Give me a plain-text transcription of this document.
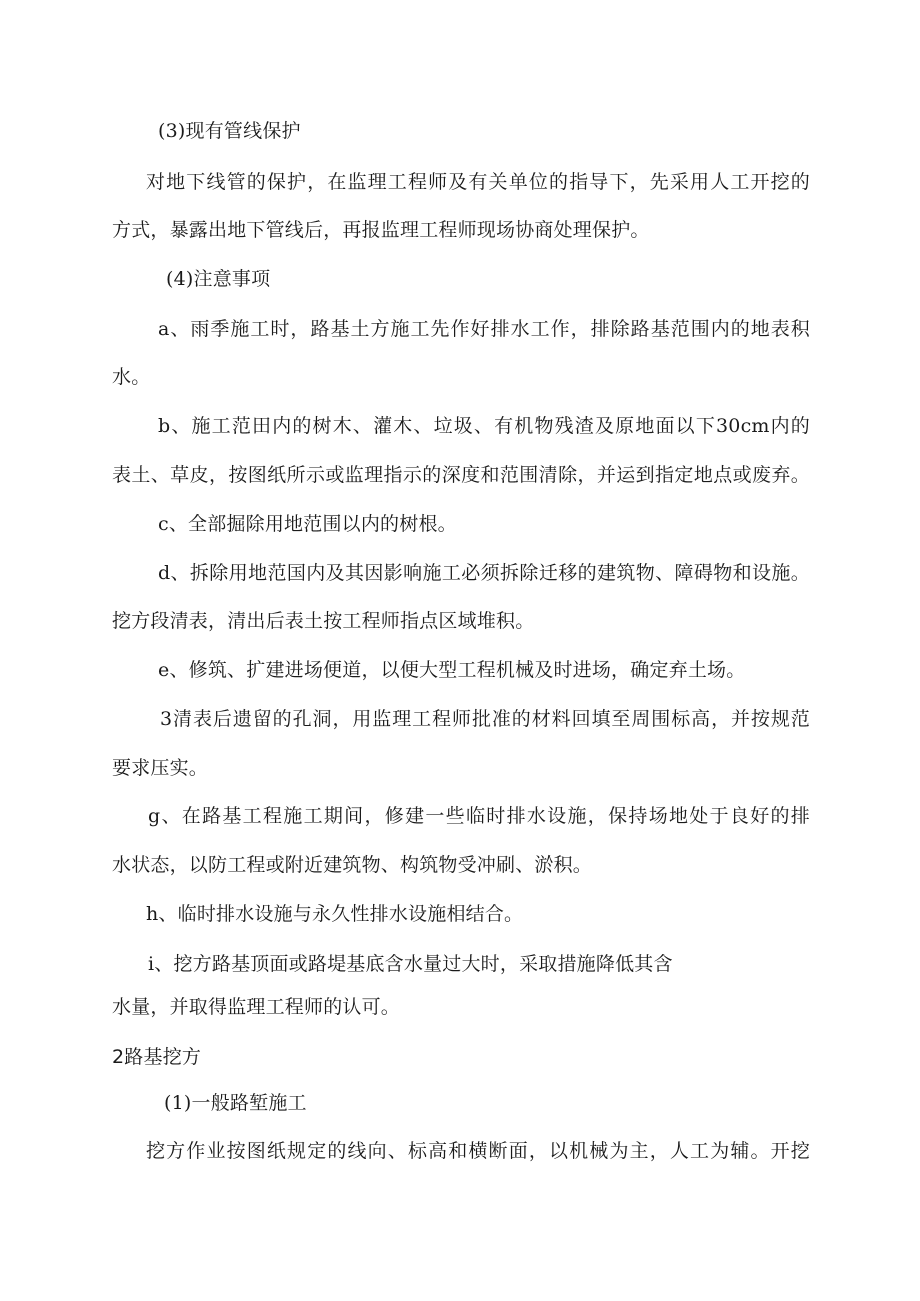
(3)现有管线保护
对地下线管的保护，在监理工程师及有关单位的指导下，先采用人工开挖的
方式，暴露出地下管线后，再报监理工程师现场协商处理保护。
(4)注意事项
a、雨季施工时，路基土方施工先作好排水工作，排除路基范围内的地表积
水。
b、施工范田内的树木、灌木、垃圾、有机物残渣及原地面以下30cm内的
表土、草皮，按图纸所示或监理指示的深度和范围清除，并运到指定地点或废弃。
c、全部掘除用地范围以内的树根。
d、拆除用地范国内及其因影响施工必须拆除迁移的建筑物、障碍物和设施。
挖方段清表，清出后表土按工程师指点区域堆积。
e、修筑、扩建进场便道，以便大型工程机械及时进场，确定弃土场。
3清表后遗留的孔洞，用监理工程师批准的材料回填至周围标高，并按规范
要求压实。
g、在路基工程施工期间，修建一些临时排水设施，保持场地处于良好的排
水状态，以防工程或附近建筑物、构筑物受冲刷、淤积。
h、临时排水设施与永久性排水设施相结合。
i、挖方路基顶面或路堤基底含水量过大时，采取措施降低其含
水量，并取得监理工程师的认可。
2路基挖方
(1)一般路堑施工
挖方作业按图纸规定的线向、标高和横断面，以机械为主，人工为辅。开挖
